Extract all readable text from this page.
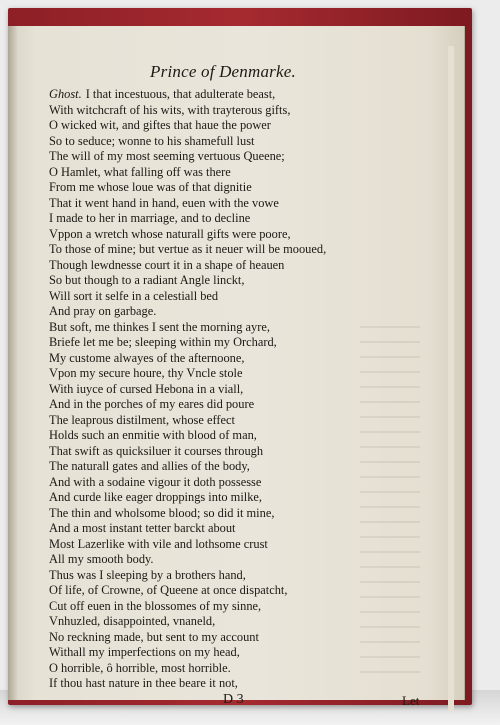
Prince of Denmarke.
Ghost. I that incestuous, that adulterate beast,
With witchcraft of his wits, with trayterous gifts,
O wicked wit, and giftes that haue the power
So to seduce; wonne to his shamefull lust
The will of my most seeming vertuous Queene;
O Hamlet, what falling off was there
From me whose loue was of that dignitie
That it went hand in hand, euen with the vowe
I made to her in marriage, and to decline
Vppon a wretch whose naturall gifts were poore,
To those of mine; but vertue as it neuer will be mooued,
Though lewdnesse court it in a shape of heauen
So but though to a radiant Angle linckt,
Will sort it selfe in a celestiall bed
And pray on garbage.
But soft, me thinkes I sent the morning ayre,
Briefe let me be; sleeping within my Orchard,
My custome alwayes of the afternoone,
Vpon my secure houre, thy Vncle stole
With iuyce of cursed Hebona in a viall,
And in the porches of my eares did poure
The leaprous distilment, whose effect
Holds such an enmitie with blood of man,
That swift as quicksiluer it courses through
The naturall gates and allies of the body,
And with a sodaine vigour it doth possesse
And curde like eager droppings into milke,
The thin and wholsome blood; so did it mine,
And a most instant tetter barckt about
Most Lazerlike with vile and lothsome crust
All my smooth body.
Thus was I sleeping by a brothers hand,
Of life, of Crowne, of Queene at once dispatcht,
Cut off euen in the blossomes of my sinne,
Vnhuzled, disappointed, vnaneld,
No reckning made, but sent to my account
Withall my imperfections on my head,
O horrible, ô horrible, most horrible.
If thou hast nature in thee beare it not,
D 3	Let
